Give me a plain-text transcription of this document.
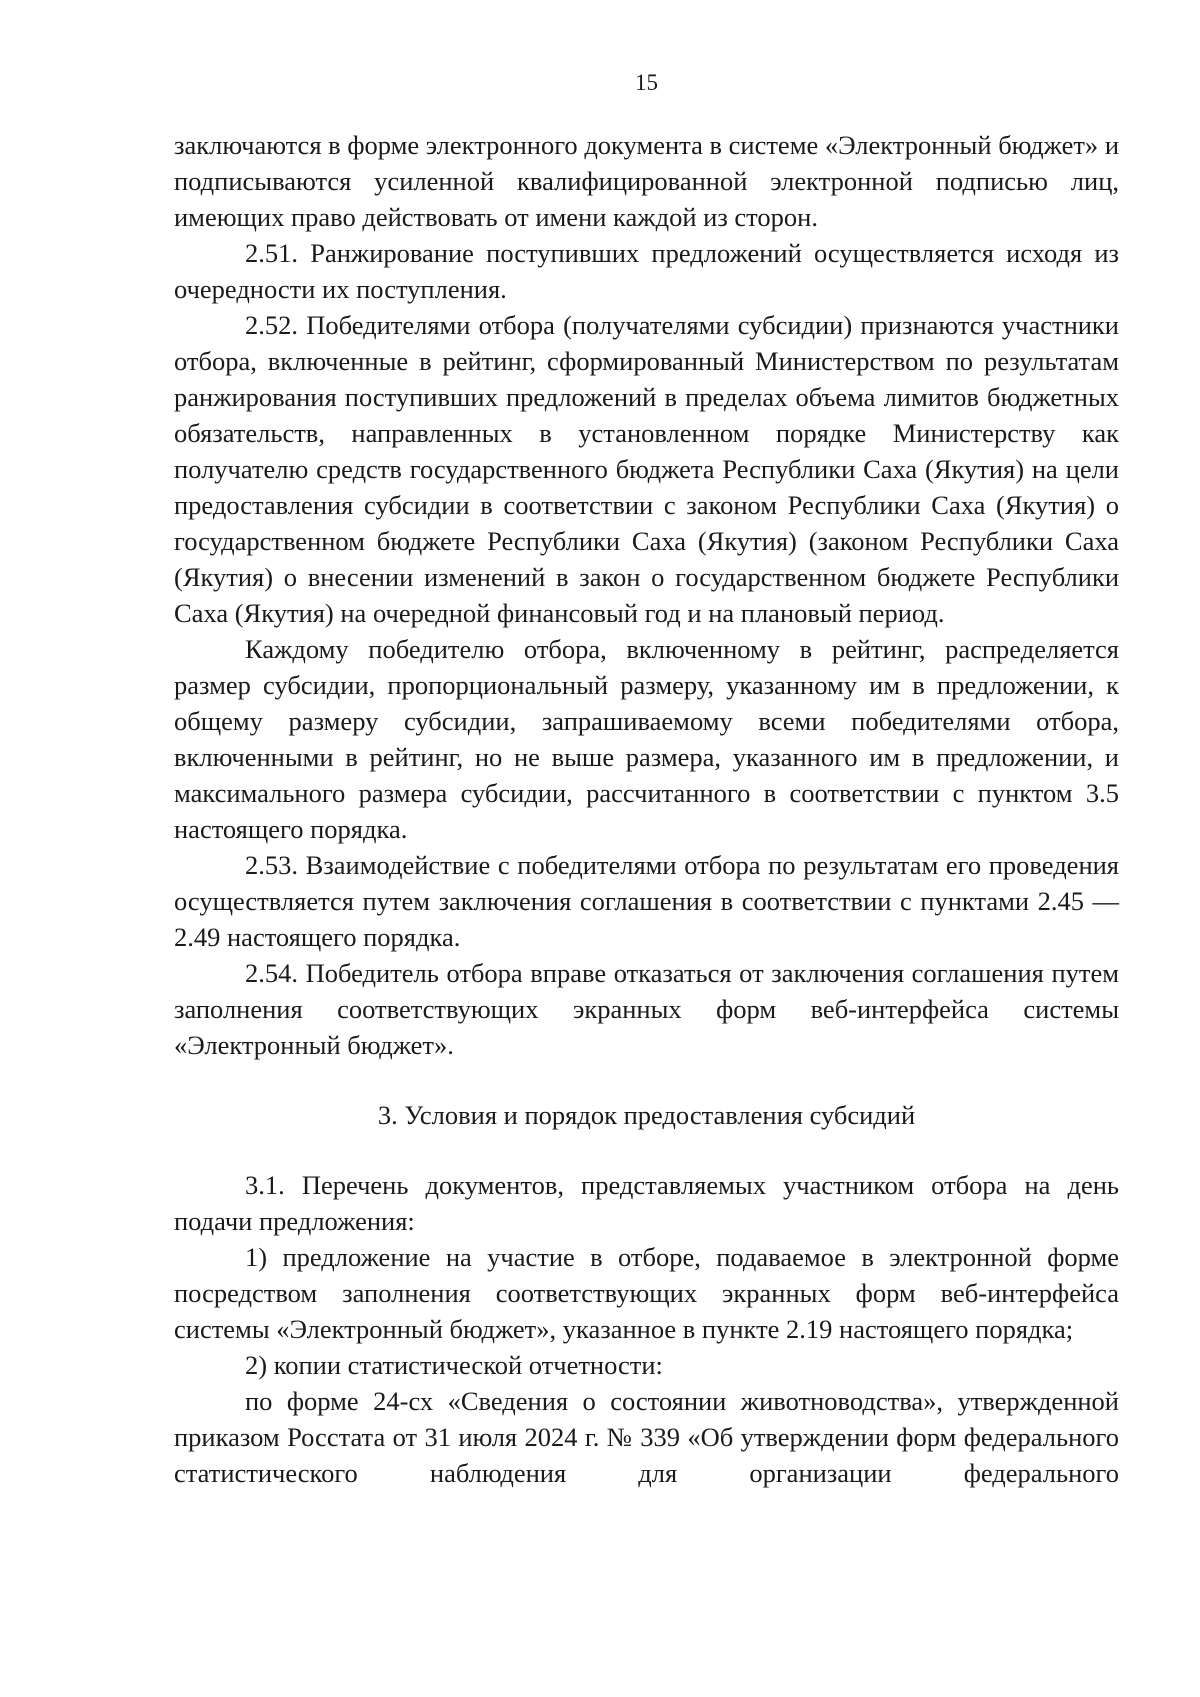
15

заключаются в форме электронного документа в системе «Электронный бюджет» и подписываются усиленной квалифицированной электронной подписью лиц, имеющих право действовать от имени каждой из сторон.

2.51. Ранжирование поступивших предложений осуществляется исходя из очередности их поступления.

2.52. Победителями отбора (получателями субсидии) признаются участники отбора, включенные в рейтинг, сформированный Министерством по результатам ранжирования поступивших предложений в пределах объема лимитов бюджетных обязательств, направленных в установленном порядке Министерству как получателю средств государственного бюджета Республики Саха (Якутия) на цели предоставления субсидии в соответствии с законом Республики Саха (Якутия) о государственном бюджете Республики Саха (Якутия) (законом Республики Саха (Якутия) о внесении изменений в закон о государственном бюджете Республики Саха (Якутия) на очередной финансовый год и на плановый период.

Каждому победителю отбора, включенному в рейтинг, распределяется размер субсидии, пропорциональный размеру, указанному им в предложении, к общему размеру субсидии, запрашиваемому всеми победителями отбора, включенными в рейтинг, но не выше размера, указанного им в предложении, и максимального размера субсидии, рассчитанного в соответствии с пунктом 3.5 настоящего порядка.

2.53. Взаимодействие с победителями отбора по результатам его проведения осуществляется путем заключения соглашения в соответствии с пунктами 2.45 — 2.49 настоящего порядка.

2.54. Победитель отбора вправе отказаться от заключения соглашения путем заполнения соответствующих экранных форм веб-интерфейса системы «Электронный бюджет».

3. Условия и порядок предоставления субсидий

3.1. Перечень документов, представляемых участником отбора на день подачи предложения:

1) предложение на участие в отборе, подаваемое в электронной форме посредством заполнения соответствующих экранных форм веб-интерфейса системы «Электронный бюджет», указанное в пункте 2.19 настоящего порядка;

2) копии статистической отчетности:

по форме 24-сх «Сведения о состоянии животноводства», утвержденной приказом Росстата от 31 июля 2024 г. № 339 «Об утверждении форм федерального статистического наблюдения для организации федерального
